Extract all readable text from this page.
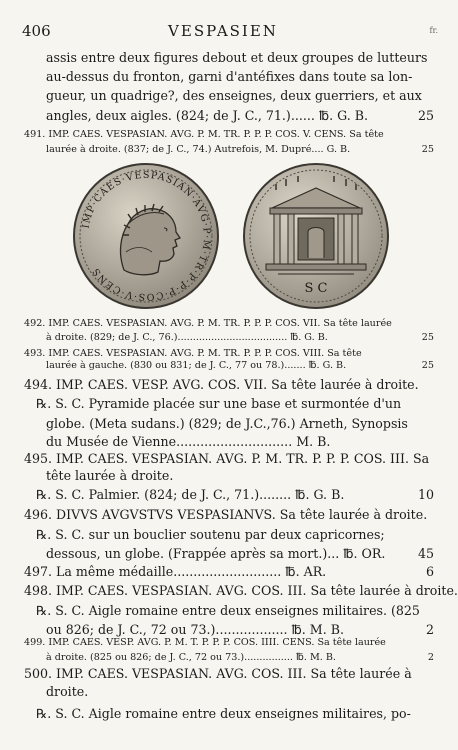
406	VESPASIEN	fr.
assis entre deux figures debout et deux groupes de lutteurs
au-dessus du fronton, garni d'antéfixes dans toute sa lon-
gueur, un quadrige?, des enseignes, deux guerriers, et aux
angles, deux aigles. (824; de J. C., 71.)...... ℔. G. B.	25
491. IMP. CAES. VESPASIAN. AVG. P. M. TR. P. P. P. COS. V. CENS. Sa tête
laurée à droite. (837; de J. C., 74.) Autrefois, M. Dupré.... G. B.	25
492. IMP. CAES. VESPASIAN. AVG. P. M. TR. P. P. P. COS. VII. Sa tête laurée
à droite. (829; de J. C., 76.).................................... ℔. G. B.	25
493. IMP. CAES. VESPASIAN. AVG. P. M. TR. P. P. P. COS. VIII. Sa tête
laurée à gauche. (830 ou 831; de J. C., 77 ou 78.)....... ℔. G. B.	25
494. IMP. CAES. VESP. AVG. COS. VII. Sa tête laurée à droite.
℞. S. C. Pyramide placée sur une base et surmontée d'un
globe. (Meta sudans.) (829; de J.C.,76.) Arneth, Synopsis
du Musée de Vienne............................. M. B.
495. IMP. CAES. VESPASIAN. AVG. P. M. TR. P. P. P. COS. III. Sa
tête laurée à droite.
℞. S. C. Palmier. (824; de J. C., 71.)........ ℔. G. B.	10
496. DIVVS AVGVSTVS VESPASIANVS. Sa tête laurée à droite.
℞. S. C. sur un bouclier soutenu par deux capricornes;
dessous, un globe. (Frappée après sa mort.)... ℔. OR.	45
497. La même médaille........................... ℔. AR.	6
498. IMP. CAES. VESPASIAN. AVG. COS. III. Sa tête laurée à droite.
℞. S. C. Aigle romaine entre deux enseignes militaires. (825
ou 826; de J. C., 72 ou 73.).................. ℔. M. B.	2
499. IMP. CAES. VESP. AVG. P. M. T. P. P. P. COS. IIII. CENS. Sa tête laurée
à droite. (825 ou 826; de J. C., 72 ou 73.)................ ℔. M. B.	2
500. IMP. CAES. VESPASIAN. AVG. COS. III. Sa tête laurée à
droite.
℞. S. C. Aigle romaine entre deux enseignes militaires, po-
IMP·CAES·VESPASIAN·AVG·P·M·TR·P·P·P·COS·V·CENS
S C
